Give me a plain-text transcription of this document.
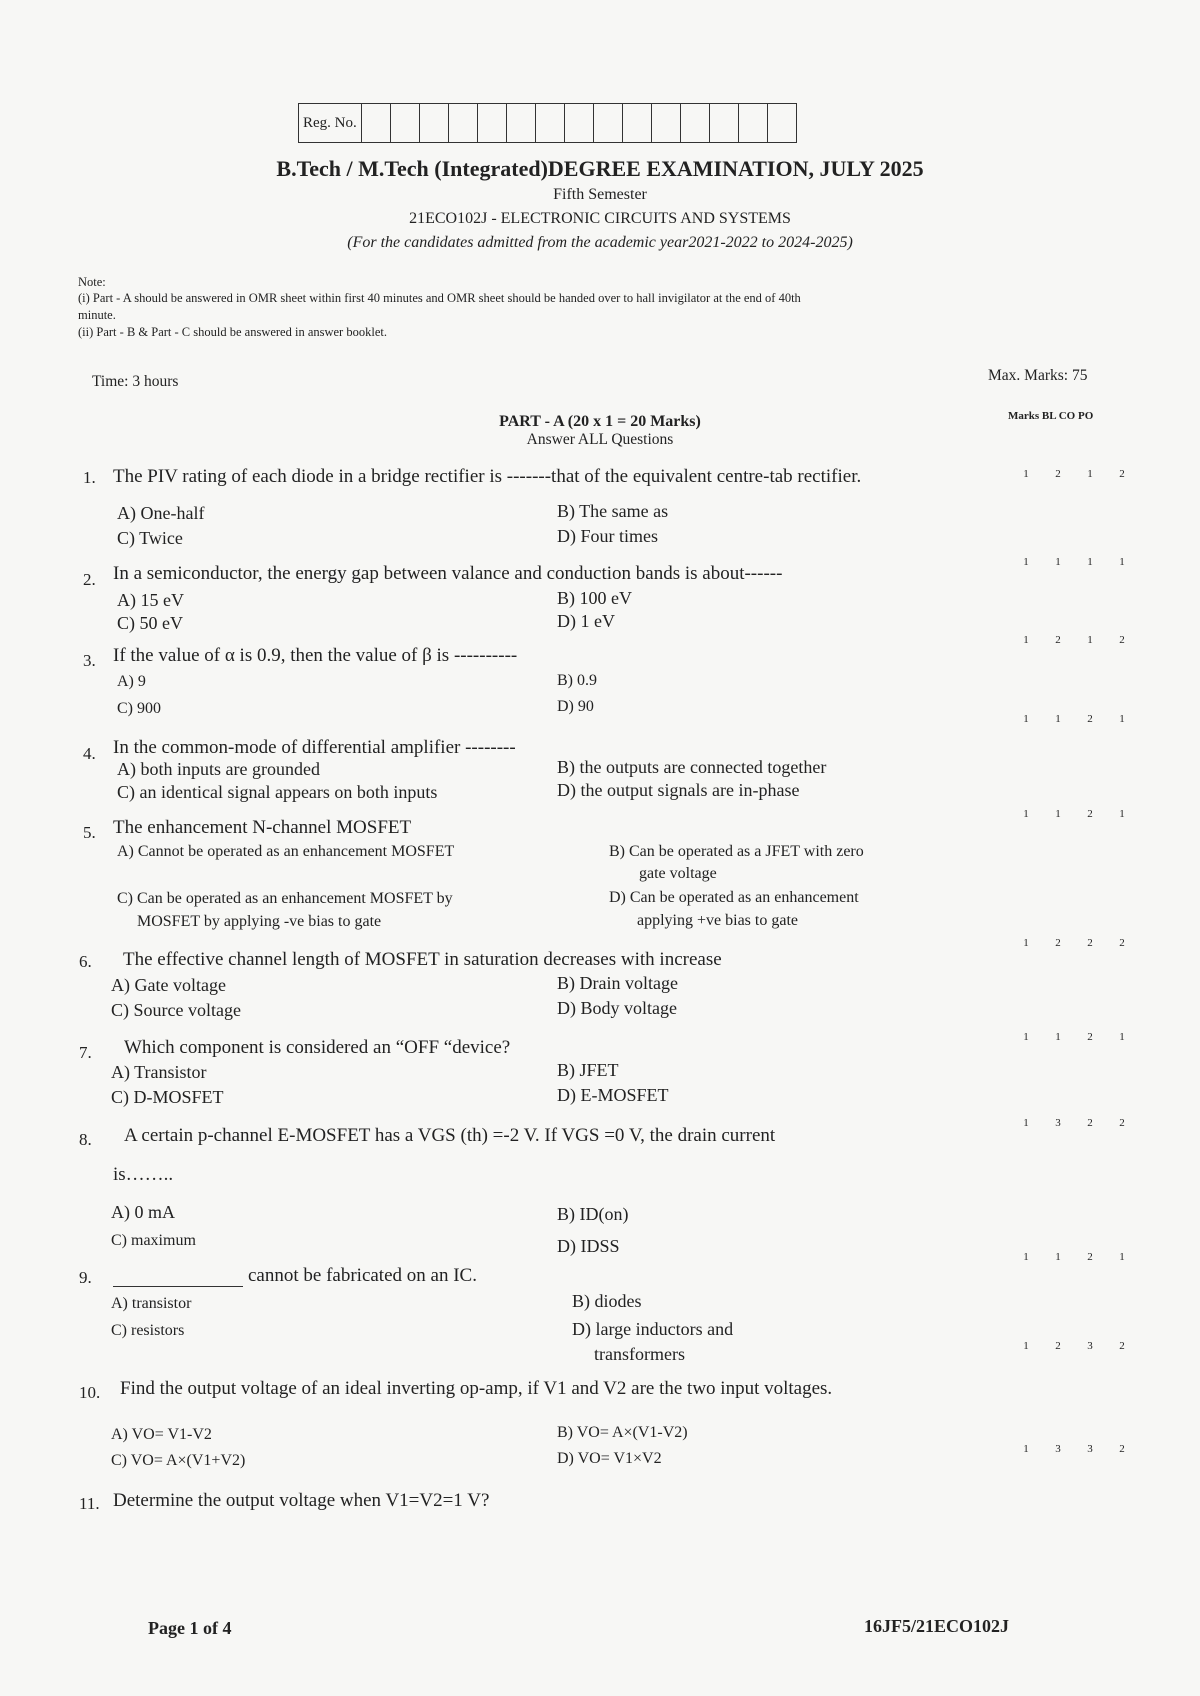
Reg. No.
B.Tech / M.Tech (Integrated)DEGREE EXAMINATION, JULY 2025
Fifth Semester
21ECO102J - ELECTRONIC CIRCUITS AND SYSTEMS
(For the candidates admitted from the academic year2021-2022 to 2024-2025)
Note:
(i) Part - A should be answered in OMR sheet within first 40 minutes and OMR sheet should be handed over to hall invigilator at the end of 40th
minute.
(ii) Part - B & Part - C should be answered in answer booklet.
Time: 3 hours	Max. Marks: 75
PART - A (20 x 1 = 20 Marks)
Answer ALL Questions
Marks BL CO PO
1. The PIV rating of each diode in a bridge rectifier is -------that of the equivalent centre-tab rectifier.
A) One-half	B) The same as
C) Twice	D) Four times
1	2	1	2
2. In a semiconductor, the energy gap between valance and conduction bands is about------
A) 15 eV	B) 100 eV
C) 50 eV	D) 1 eV
1	1	1	1
3. If the value of α is 0.9, then the value of β is ----------
A) 9	B) 0.9
C) 900	D) 90
1	2	1	2
4. In the common-mode of differential amplifier --------
A) both inputs are grounded	B) the outputs are connected together
C) an identical signal appears on both inputs	D) the output signals are in-phase
1	1	2	1
5. The enhancement N-channel MOSFET
A) Cannot be operated as an enhancement MOSFET	B) Can be operated as a JFET with zero
gate voltage
C) Can be operated as an enhancement MOSFET by	D) Can be operated as an enhancement
MOSFET by applying -ve bias to gate	applying +ve bias to gate
1	1	2	1
6. The effective channel length of MOSFET in saturation decreases with increase
A) Gate voltage	B) Drain voltage
C) Source voltage	D) Body voltage
1	2	2	2
7. Which component is considered an “OFF “device?
A) Transistor	B) JFET
C) D-MOSFET	D) E-MOSFET
1	1	2	1
8. A certain p-channel E-MOSFET has a VGS (th) =-2 V. If VGS =0 V, the drain current
is……..
A) 0 mA	B) ID(on)
C) maximum	D) IDSS
1	3	2	2
9.	cannot be fabricated on an IC.
A) transistor	B) diodes
C) resistors	D) large inductors and
transformers
1	1	2	1
10. Find the output voltage of an ideal inverting op-amp, if V1 and V2 are the two input voltages.
A) VO= V1-V2	B) VO= A×(V1-V2)
C) VO= A×(V1+V2)	D) VO= V1×V2
1	2	3	2
11. Determine the output voltage when V1=V2=1 V?
1	3	3	2
Page 1 of 4	16JF5/21ECO102J
